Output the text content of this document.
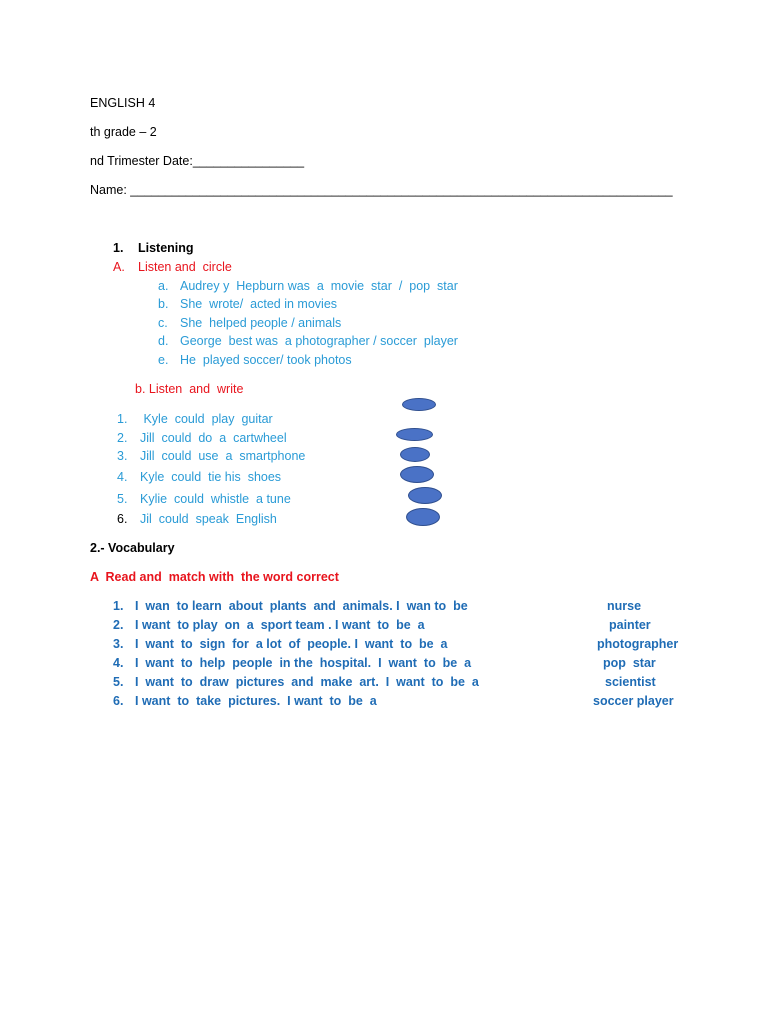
ENGLISH 4
th grade – 2
nd Trimester Date:________________
Name: ______________________________________________________________________________
1. Listening
A. Listen and  circle
a. Audrey y  Hepburn was  a  movie  star  /  pop  star
b. She  wrote/  acted in movies
c. She  helped people / animals
d. George  best was  a photographer / soccer  player
e. He  played soccer/ took photos
b. Listen  and  write
1. Kyle  could  play  guitar
2. Jill  could  do  a  cartwheel
3. Jill  could  use  a  smartphone
4. Kyle  could  tie his  shoes
5. Kylie  could  whistle  a tune
6. Jil  could  speak  English
2.- Vocabulary
A  Read and  match with  the word correct
1. I  wan  to learn  about  plants  and  animals. I  wan to  be
2. I want  to play  on  a  sport team . I want  to  be  a
3. I  want  to  sign  for  a lot  of  people. I  want  to  be  a
4. I  want  to  help  people  in the  hospital.  I  want  to  be  a
5. I  want  to  draw  pictures  and  make  art.  I  want  to  be  a
6. I want  to  take  pictures.  I want  to  be  a
nurse
painter
photographer
pop  star
scientist
soccer player
